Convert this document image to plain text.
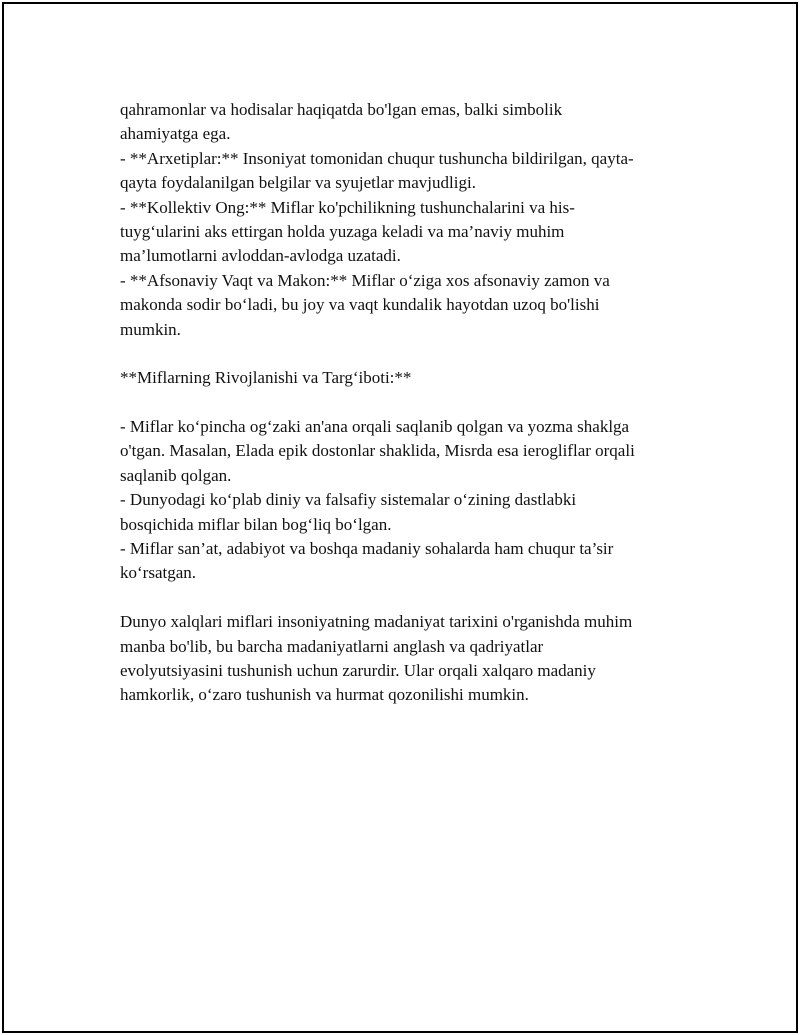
qahramonlar va hodisalar haqiqatda bo'lgan emas, balki simbolik
ahamiyatga ega.
- **Arxetiplar:** Insoniyat tomonidan chuqur tushuncha bildirilgan, qayta-
qayta foydalanilgan belgilar va syujetlar mavjudligi.
- **Kollektiv Ong:** Miflar ko'pchilikning tushunchalarini va his-
tuyg‘ularini aks ettirgan holda yuzaga keladi va ma’naviy muhim
ma’lumotlarni avloddan-avlodga uzatadi.
- **Afsonaviy Vaqt va Makon:** Miflar o‘ziga xos afsonaviy zamon va
makonda sodir bo‘ladi, bu joy va vaqt kundalik hayotdan uzoq bo'lishi
mumkin.
**Miflarning Rivojlanishi va Targ‘iboti:**
- Miflar ko‘pincha og‘zaki an'ana orqali saqlanib qolgan va yozma shaklga
o'tgan. Masalan, Elada epik dostonlar shaklida, Misrda esa ierogliflar orqali
saqlanib qolgan.
- Dunyodagi ko‘plab diniy va falsafiy sistemalar o‘zining dastlabki
bosqichida miflar bilan bog‘liq bo‘lgan.
- Miflar san’at, adabiyot va boshqa madaniy sohalarda ham chuqur ta’sir
ko‘rsatgan.
Dunyo xalqlari miflari insoniyatning madaniyat tarixini o'rganishda muhim
manba bo'lib, bu barcha madaniyatlarni anglash va qadriyatlar
evolyutsiyasini tushunish uchun zarurdir. Ular orqali xalqaro madaniy
hamkorlik, o‘zaro tushunish va hurmat qozonilishi mumkin.
